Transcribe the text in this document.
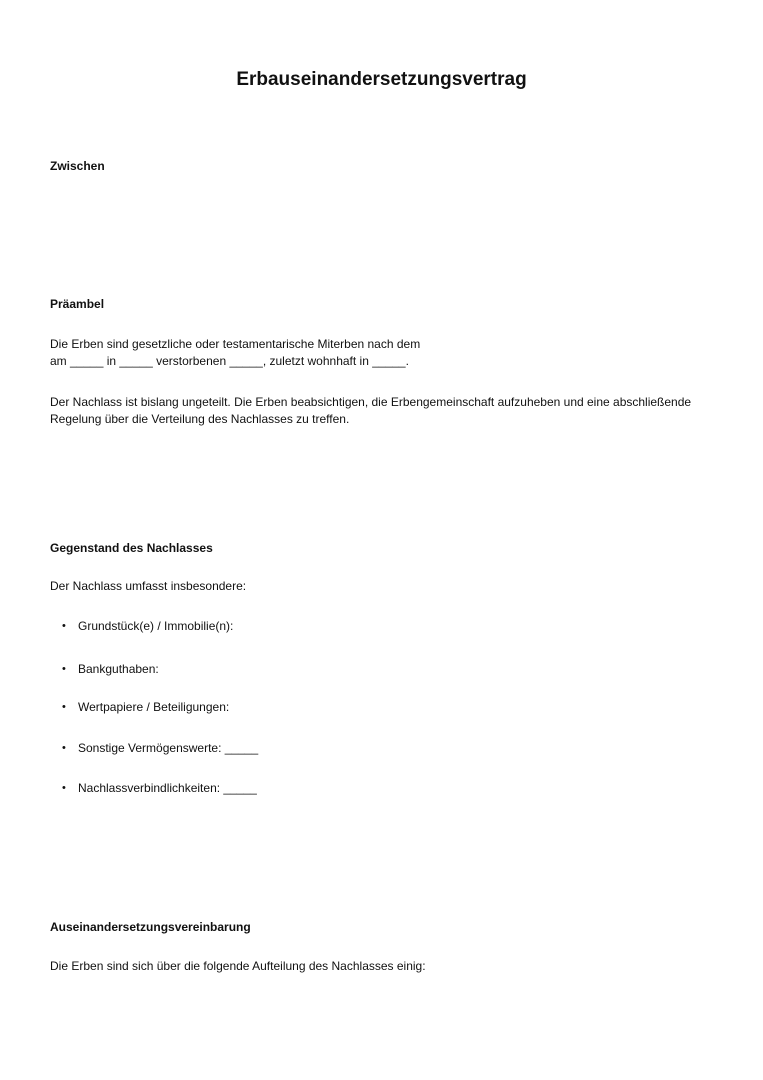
Erbauseinandersetzungsvertrag
Zwischen
Präambel

Die Erben sind gesetzliche oder testamentarische Miterben nach dem
am _____ in _____ verstorbenen _____, zuletzt wohnhaft in _____.

Der Nachlass ist bislang ungeteilt. Die Erben beabsichtigen, die Erbengemeinschaft aufzuheben und eine abschließende Regelung über die Verteilung des Nachlasses zu treffen.

Gegenstand des Nachlasses

Der Nachlass umfasst insbesondere:

•	Grundstück(e) / Immobilie(n):
•	Bankguthaben:
•	Wertpapiere / Beteiligungen:
•	Sonstige Vermögenswerte: _____
•	Nachlassverbindlichkeiten: _____
Auseinandersetzungsvereinbarung

Die Erben sind sich über die folgende Aufteilung des Nachlasses einig:
